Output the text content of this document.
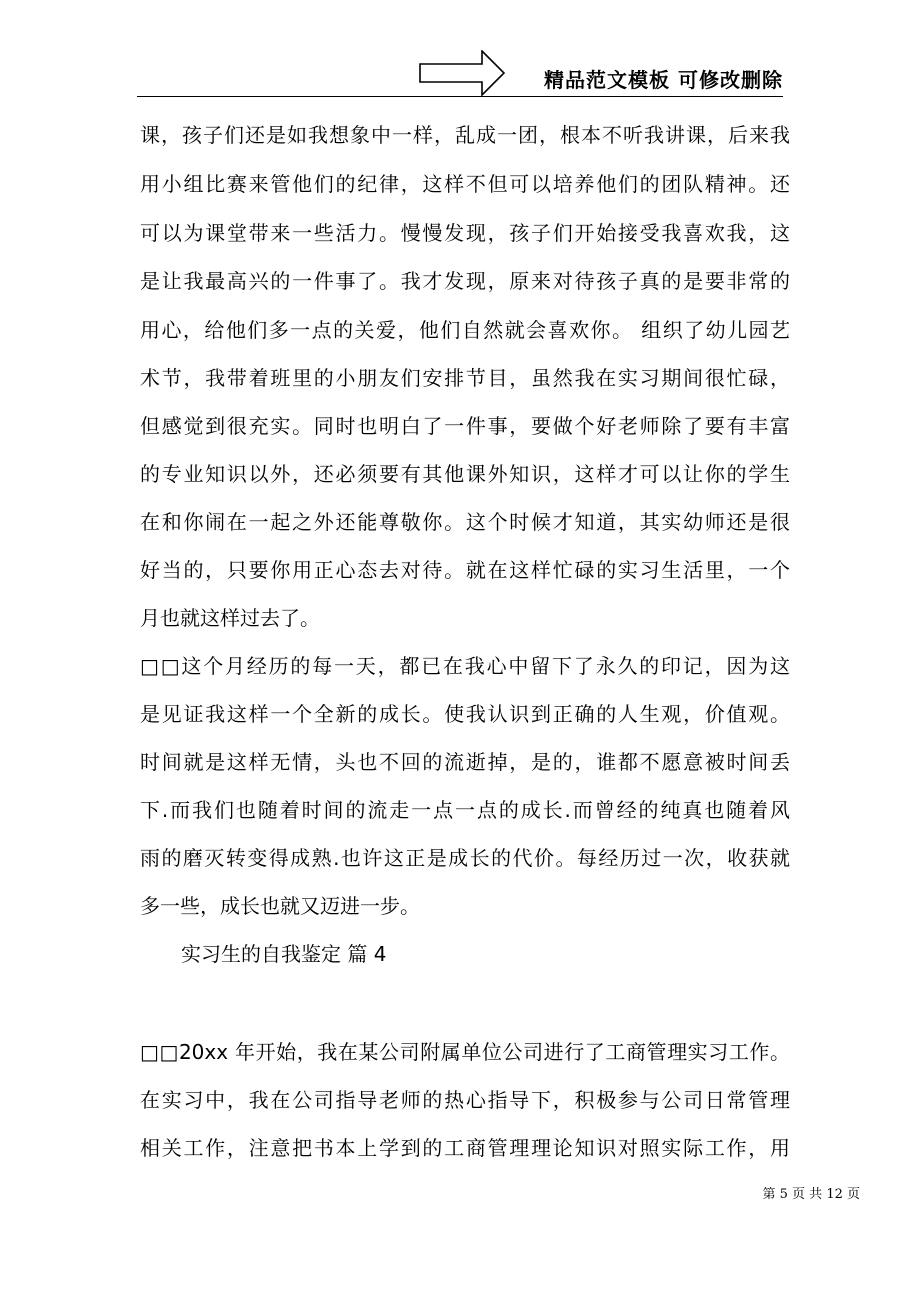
精品范文模板 可修改删除
课，孩子们还是如我想象中一样，乱成一团，根本不听我讲课，后来我
用小组比赛来管他们的纪律，这样不但可以培养他们的团队精神。还
可以为课堂带来一些活力。慢慢发现，孩子们开始接受我喜欢我，这
是让我最高兴的一件事了。我才发现，原来对待孩子真的是要非常的
用心，给他们多一点的关爱，他们自然就会喜欢你。 组织了幼儿园艺
术节，我带着班里的小朋友们安排节目，虽然我在实习期间很忙碌，
但感觉到很充实。同时也明白了一件事，要做个好老师除了要有丰富
的专业知识以外，还必须要有其他课外知识，这样才可以让你的学生
在和你闹在一起之外还能尊敬你。这个时候才知道，其实幼师还是很
好当的，只要你用正心态去对待。就在这样忙碌的实习生活里，一个
月也就这样过去了。
□□这个月经历的每一天，都已在我心中留下了永久的印记，因为这
是见证我这样一个全新的成长。使我认识到正确的人生观，价值观。
时间就是这样无情，头也不回的流逝掉，是的，谁都不愿意被时间丢
下.而我们也随着时间的流走一点一点的成长.而曾经的纯真也随着风
雨的磨灭转变得成熟.也许这正是成长的代价。每经历过一次，收获就
多一些，成长也就又迈进一步。
实习生的自我鉴定 篇 4
□□20xx 年开始，我在某公司附属单位公司进行了工商管理实习工作。
在实习中，我在公司指导老师的热心指导下，积极参与公司日常管理
相关工作，注意把书本上学到的工商管理理论知识对照实际工作，用
第 5 页 共 12 页
